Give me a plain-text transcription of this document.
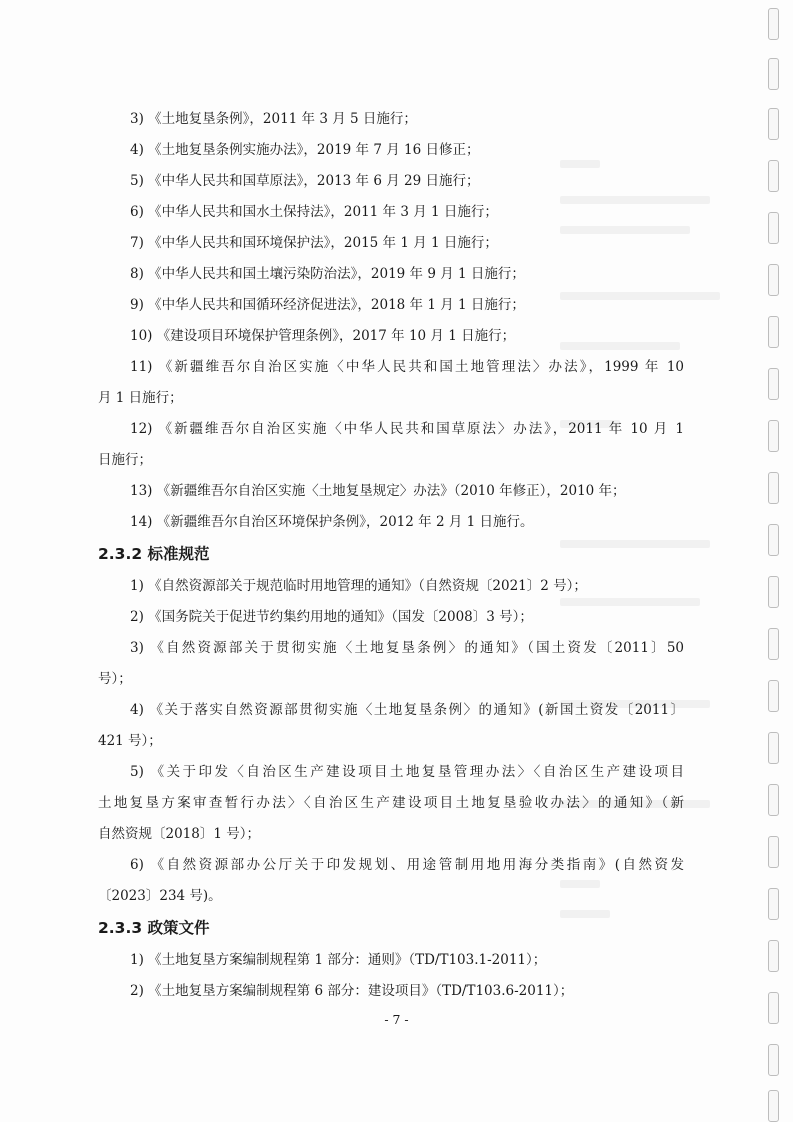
3) 《土地复垦条例》，2011 年 3 月 5 日施行；

4) 《土地复垦条例实施办法》，2019 年 7 月 16 日修正；

5) 《中华人民共和国草原法》，2013 年 6 月 29 日施行；

6) 《中华人民共和国水土保持法》，2011 年 3 月 1 日施行；

7) 《中华人民共和国环境保护法》，2015 年 1 月 1 日施行；

8) 《中华人民共和国土壤污染防治法》，2019 年 9 月 1 日施行；

9) 《中华人民共和国循环经济促进法》，2018 年 1 月 1 日施行；

10) 《建设项目环境保护管理条例》，2017 年 10 月 1 日施行；

11) 《新疆维吾尔自治区实施〈中华人民共和国土地管理法〉办法》，1999 年 10

月 1 日施行；

12) 《新疆维吾尔自治区实施〈中华人民共和国草原法〉办法》，2011 年 10 月 1

日施行；

13) 《新疆维吾尔自治区实施〈土地复垦规定〉办法》（2010 年修正），2010 年；

14) 《新疆维吾尔自治区环境保护条例》，2012 年 2 月 1 日施行。

2.3.2 标准规范

1) 《自然资源部关于规范临时用地管理的通知》（自然资规〔2021〕2 号）；

2) 《国务院关于促进节约集约用地的通知》（国发〔2008〕3 号）；

3) 《自然资源部关于贯彻实施〈土地复垦条例〉的通知》（国土资发〔2011〕50

号）；

4) 《关于落实自然资源部贯彻实施〈土地复垦条例〉的通知》(新国土资发〔2011〕

421 号）；

5) 《关于印发〈自治区生产建设项目土地复垦管理办法〉〈自治区生产建设项目

土地复垦方案审查暂行办法〉〈自治区生产建设项目土地复垦验收办法〉的通知》（新

自然资规〔2018〕1 号）；

6) 《自然资源部办公厅关于印发规划、用途管制用地用海分类指南》(自然资发

〔2023〕234 号)。

2.3.3 政策文件

1) 《土地复垦方案编制规程第 1 部分：通则》（TD/T103.1-2011）；

2) 《土地复垦方案编制规程第 6 部分：建设项目》（TD/T103.6-2011）；

- 7 -
